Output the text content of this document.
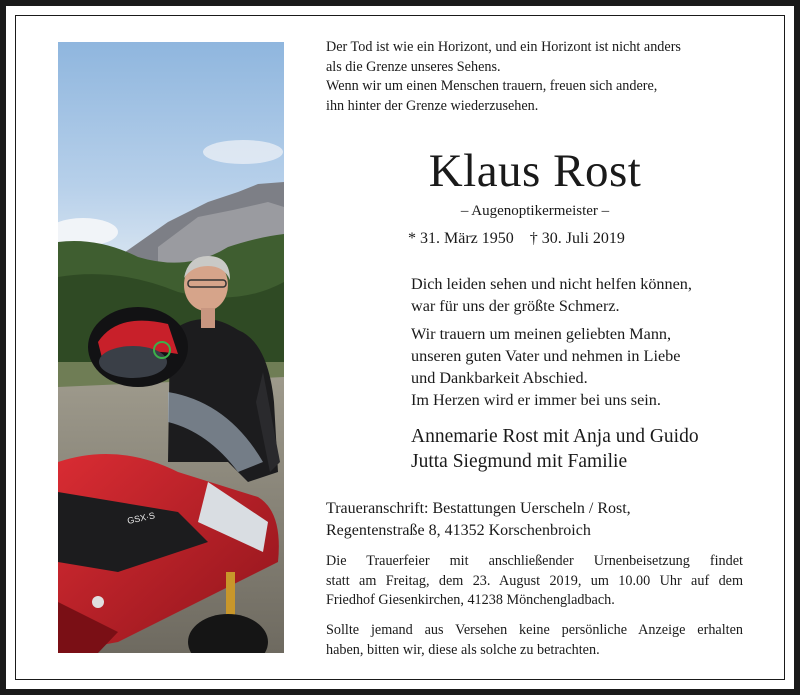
GSX·S
Der Tod ist wie ein Horizont, und ein Horizont ist nicht anders
als die Grenze unseres Sehens.
Wenn wir um einen Menschen trauern, freuen sich andere,
ihn hinter der Grenze wiederzusehen.
Klaus Rost
– Augenoptikermeister –
* 31. März 1950 † 30. Juli 2019
Dich leiden sehen und nicht helfen können,
war für uns der größte Schmerz.
Wir trauern um meinen geliebten Mann,
unseren guten Vater und nehmen in Liebe
und Dankbarkeit Abschied.
Im Herzen wird er immer bei uns sein.
Annemarie Rost mit Anja und Guido
Jutta Siegmund mit Familie
Traueranschrift: Bestattungen Uerscheln / Rost,
Regentenstraße 8, 41352 Korschenbroich
Die Trauerfeier mit anschließender Urnenbeisetzung findet
statt am Freitag, dem 23. August 2019, um 10.00 Uhr auf dem
Friedhof Giesenkirchen, 41238 Mönchengladbach.
Sollte jemand aus Versehen keine persönliche Anzeige erhalten
haben, bitten wir, diese als solche zu betrachten.
